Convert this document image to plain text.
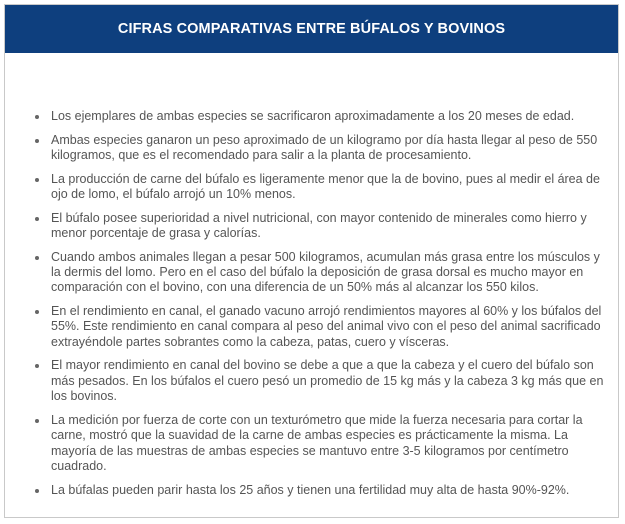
CIFRAS COMPARATIVAS ENTRE BÚFALOS Y BOVINOS
Los ejemplares de ambas especies se sacrificaron aproximadamente a los 20 meses de edad.
Ambas especies ganaron un peso aproximado de un kilogramo por día hasta llegar al peso de 550 kilogramos, que es el recomendado para salir a la planta de procesamiento.
La producción de carne del búfalo es ligeramente menor que la de bovino, pues al medir el área de ojo de lomo, el búfalo arrojó un 10% menos.
El búfalo posee superioridad a nivel nutricional, con mayor contenido de minerales como hierro y menor porcentaje de grasa y calorías.
Cuando ambos animales llegan a pesar 500 kilogramos, acumulan más grasa entre los músculos y la dermis del lomo. Pero en el caso del búfalo la deposición de grasa dorsal es mucho mayor en comparación con el bovino, con una diferencia de un 50% más al alcanzar los 550 kilos.
En el rendimiento en canal, el ganado vacuno arrojó rendimientos mayores al 60% y los búfalos del 55%. Este rendimiento en canal compara al peso del animal vivo con el peso del animal sacrificado extrayéndole partes sobrantes como la cabeza, patas, cuero y vísceras.
El mayor rendimiento en canal del bovino se debe a que a que la cabeza y el cuero del búfalo son más pesados. En los búfalos el cuero pesó un promedio de 15 kg más y la cabeza 3 kg más que en los bovinos.
La medición por fuerza de corte con un texturómetro que mide la fuerza necesaria para cortar la carne, mostró que la suavidad de la carne de ambas especies es prácticamente la misma. La mayoría de las muestras de ambas especies se mantuvo entre 3-5 kilogramos por centímetro cuadrado.
La búfalas pueden parir hasta los 25 años y tienen una fertilidad muy alta de hasta 90%-92%.
